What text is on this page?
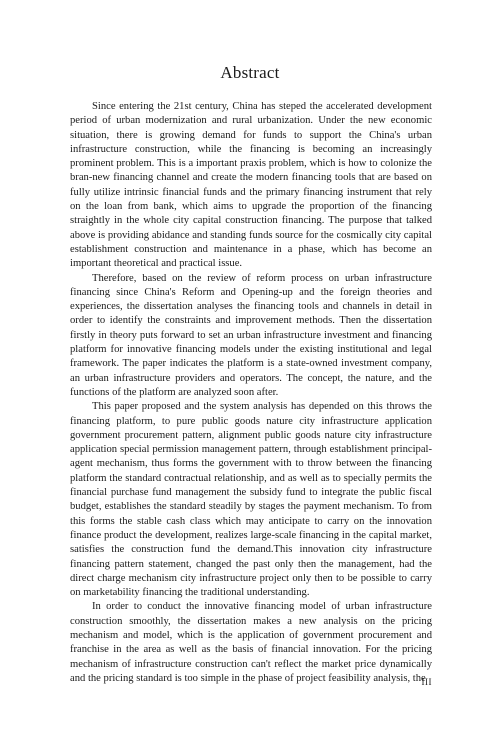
Abstract

Since entering the 21st century, China has steped the accelerated development period of urban modernization and rural urbanization. Under the new economic situation, there is growing demand for funds to support the China's urban infrastructure construction, while the financing is becoming an increasingly prominent problem. This is a important praxis problem, which is how to colonize the bran-new financing channel and create the modern financing tools that are based on fully utilize intrinsic financial funds and the primary financing instrument that rely on the loan from bank, which aims to upgrade the proportion of the financing straightly in the whole city capital construction financing. The purpose that talked above is providing abidance and standing funds source for the cosmically city capital establishment construction and maintenance in a phase, which has become an important theoretical and practical issue.

Therefore, based on the review of reform process on urban infrastructure financing since China's Reform and Opening-up and the foreign theories and experiences, the dissertation analyses the financing tools and channels in detail in order to identify the constraints and improvement methods. Then the dissertation firstly in theory puts forward to set an urban infrastructure investment and financing platform for innovative financing models under the existing institutional and legal framework. The paper indicates the platform is a state-owned investment company, an urban infrastructure providers and operators. The concept, the nature, and the functions of the platform are analyzed soon after.

This paper proposed and the system analysis has depended on this throws the financing platform, to pure public goods nature city infrastructure application government procurement pattern, alignment public goods nature city infrastructure application special permission management pattern, through establishment principal-agent mechanism, thus forms the government with to throw between the financing platform the standard contractual relationship, and as well as to specially permits the financial purchase fund management the subsidy fund to integrate the public fiscal budget, establishes the standard steadily by stages the payment mechanism. To from this forms the stable cash class which may anticipate to carry on the innovation finance product the development, realizes large-scale financing in the capital market, satisfies the construction fund the demand.This innovation city infrastructure financing pattern statement, changed the past only then the management, had the direct charge mechanism city infrastructure project only then to be possible to carry on marketability financing the traditional understanding.

In order to conduct the innovative financing model of urban infrastructure construction smoothly, the dissertation makes a new analysis on the pricing mechanism and model, which is the application of government procurement and franchise in the area as well as the basis of financial innovation. For the pricing mechanism of infrastructure construction can't reflect the market price dynamically and the pricing standard is too simple in the phase of project feasibility analysis, the

III
